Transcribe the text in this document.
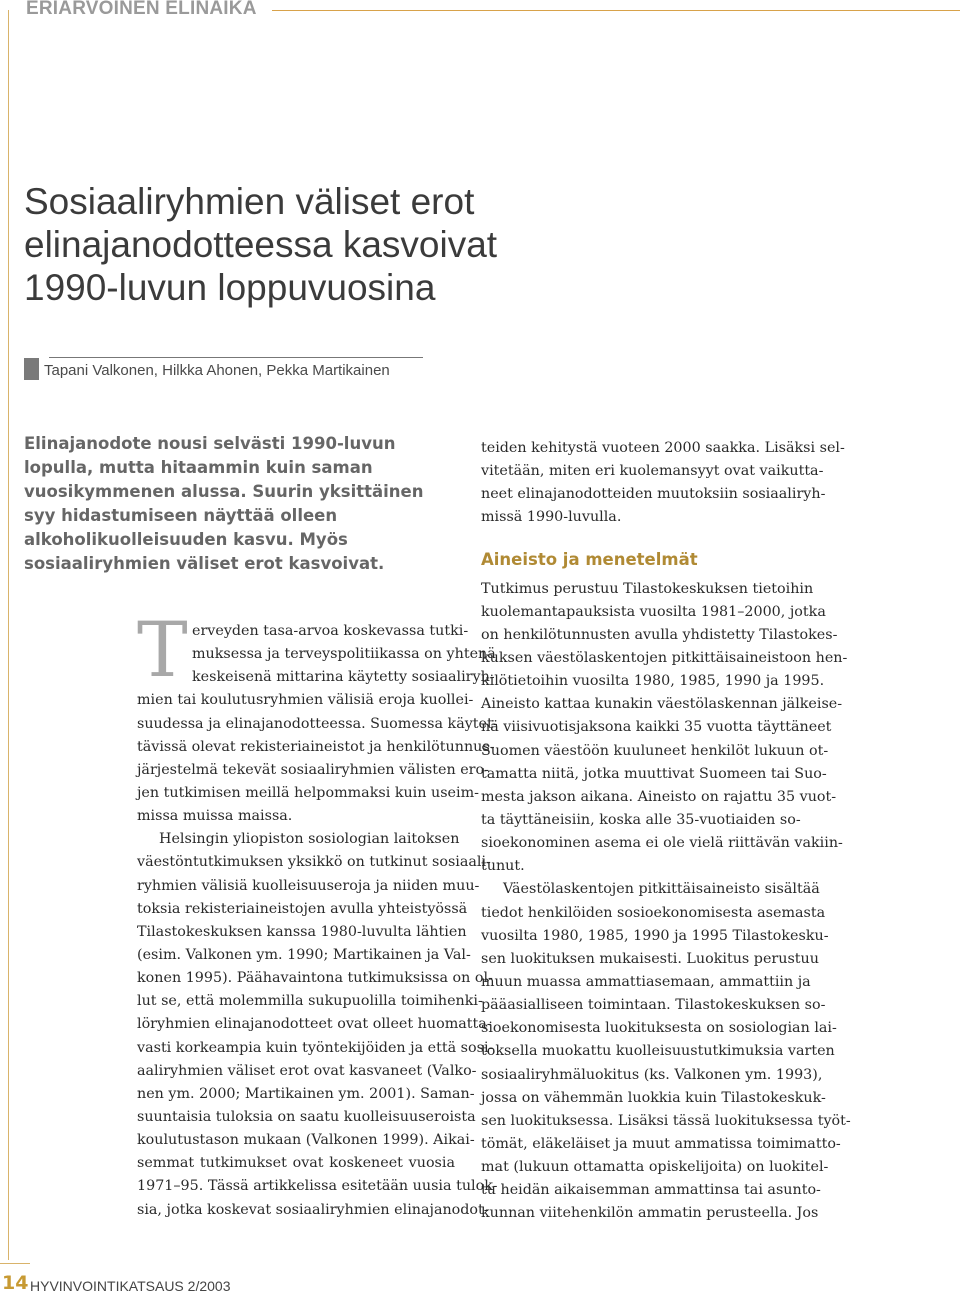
ERIARVOINEN ELINAIKA
Sosiaaliryhmien väliset erot
elinajanodotteessa kasvoivat
1990-luvun loppuvuosina
Tapani Valkonen, Hilkka Ahonen, Pekka Martikainen
Elinajanodote nousi selvästi 1990-luvun
lopulla, mutta hitaammin kuin saman
vuosikymmenen alussa. Suurin yksittäinen
syy hidastumiseen näyttää olleen
alkoholikuolleisuuden kasvu. Myös
sosiaaliryhmien väliset erot kasvoivat.
T erveyden tasa-arvoa koskevassa tutki-
muksessa ja terveyspolitiikassa on yhtenä
keskeisenä mittarina käytetty sosiaaliryh-
mien tai koulutusryhmien välisiä eroja kuollei-
suudessa ja elinajanodotteessa. Suomessa käytet-
tävissä olevat rekisteriaineistot ja henkilötunnus-
järjestelmä tekevät sosiaaliryhmien välisten ero-
jen tutkimisen meillä helpommaksi kuin useim-
missa muissa maissa.
Helsingin yliopiston sosiologian laitoksen
väestöntutkimuksen yksikkö on tutkinut sosiaali-
ryhmien välisiä kuolleisuuseroja ja niiden muu-
toksia rekisteriaineistojen avulla yhteistyössä
Tilastokeskuksen kanssa 1980-luvulta lähtien
(esim. Valkonen ym. 1990; Martikainen ja Val-
konen 1995). Päähavaintona tutkimuksissa on ol-
lut se, että molemmilla sukupuolilla toimihenki-
löryhmien elinajanodotteet ovat olleet huomatta-
vasti korkeampia kuin työntekijöiden ja että sosi-
aaliryhmien väliset erot ovat kasvaneet (Valko-
nen ym. 2000; Martikainen ym. 2001). Saman-
suuntaisia tuloksia on saatu kuolleisuuseroista
koulutustason mukaan (Valkonen 1999). Aikai-
semmat tutkimukset ovat koskeneet vuosia
1971–95. Tässä artikkelissa esitetään uusia tulok-
sia, jotka koskevat sosiaaliryhmien elinajanodot-
teiden kehitystä vuoteen 2000 saakka. Lisäksi sel-
vitetään, miten eri kuolemansyyt ovat vaikutta-
neet elinajanodotteiden muutoksiin sosiaaliryh-
missä 1990-luvulla.
Aineisto ja menetelmät
Tutkimus perustuu Tilastokeskuksen tietoihin
kuolemantapauksista vuosilta 1981–2000, jotka
on henkilötunnusten avulla yhdistetty Tilastokes-
kuksen väestölaskentojen pitkittäisaineistoon hen-
kilötietoihin vuosilta 1980, 1985, 1990 ja 1995.
Aineisto kattaa kunakin väestölaskennan jälkeise-
nä viisivuotisjaksona kaikki 35 vuotta täyttäneet
Suomen väestöön kuuluneet henkilöt lukuun ot-
tamatta niitä, jotka muuttivat Suomeen tai Suo-
mesta jakson aikana. Aineisto on rajattu 35 vuot-
ta täyttäneisiin, koska alle 35-vuotiaiden so-
sioekonominen asema ei ole vielä riittävän vakiin-
tunut.
Väestölaskentojen pitkittäisaineisto sisältää
tiedot henkilöiden sosioekonomisesta asemasta
vuosilta 1980, 1985, 1990 ja 1995 Tilastokesku-
sen luokituksen mukaisesti. Luokitus perustuu
muun muassa ammattiasemaan, ammattiin ja
pääasialliseen toimintaan. Tilastokeskuksen so-
sioekonomisesta luokituksesta on sosiologian lai-
toksella muokattu kuolleisuustutkimuksia varten
sosiaaliryhmäluokitus (ks. Valkonen ym. 1993),
jossa on vähemmän luokkia kuin Tilastokeskuk-
sen luokituksessa. Lisäksi tässä luokituksessa työt-
tömät, eläkeläiset ja muut ammatissa toimimatto-
mat (lukuun ottamatta opiskelijoita) on luokitel-
tu heidän aikaisemman ammattinsa tai asunto-
kunnan viitehenkilön ammatin perusteella. Jos
14 HYVINVOINTIKATSAUS 2/2003
